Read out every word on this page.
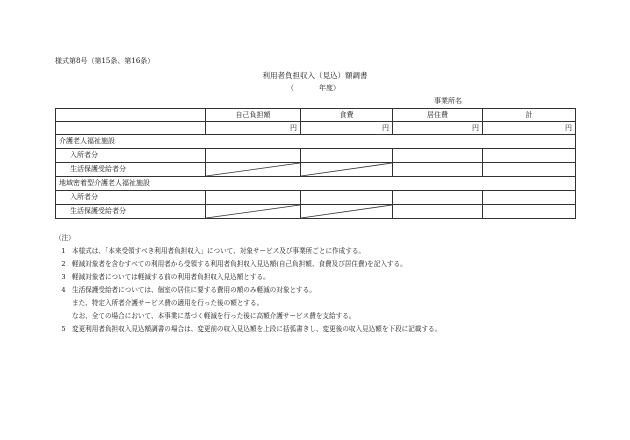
様式第8号（第15条、第16条）
利用者負担収入（見込）額調書
（	年度）
事業所名
	自己負担額	食費	居住費	計
	円	円	円	円
介護老人福祉施設				
入所者分				
生活保護受給者分	

地域密着型介護老人福祉施設				
入所者分				
生活保護受給者分	

（注）
1 本様式は、「本来受領すべき利用者負担収入」について、対象サービス及び事業所ごとに作成する。
2 軽減対象者を含むすべての利用者から受領する利用者負担収入見込額(自己負担額、食費及び居住費)を記入する。
3 軽減対象者については軽減する前の利用者負担収入見込額とする。
4 生活保護受給者については、個室の居住に要する費用の額のみ軽減の対象とする。
また、特定入所者介護サービス費の適用を行った後の額とする。
なお、全ての場合において、本事業に基づく軽減を行った後に高額介護サービス費を支給する。
5 変更利用者負担収入見込額調書の場合は、変更前の収入見込額を上段に括弧書きし、変更後の収入見込額を下段に記載する。
